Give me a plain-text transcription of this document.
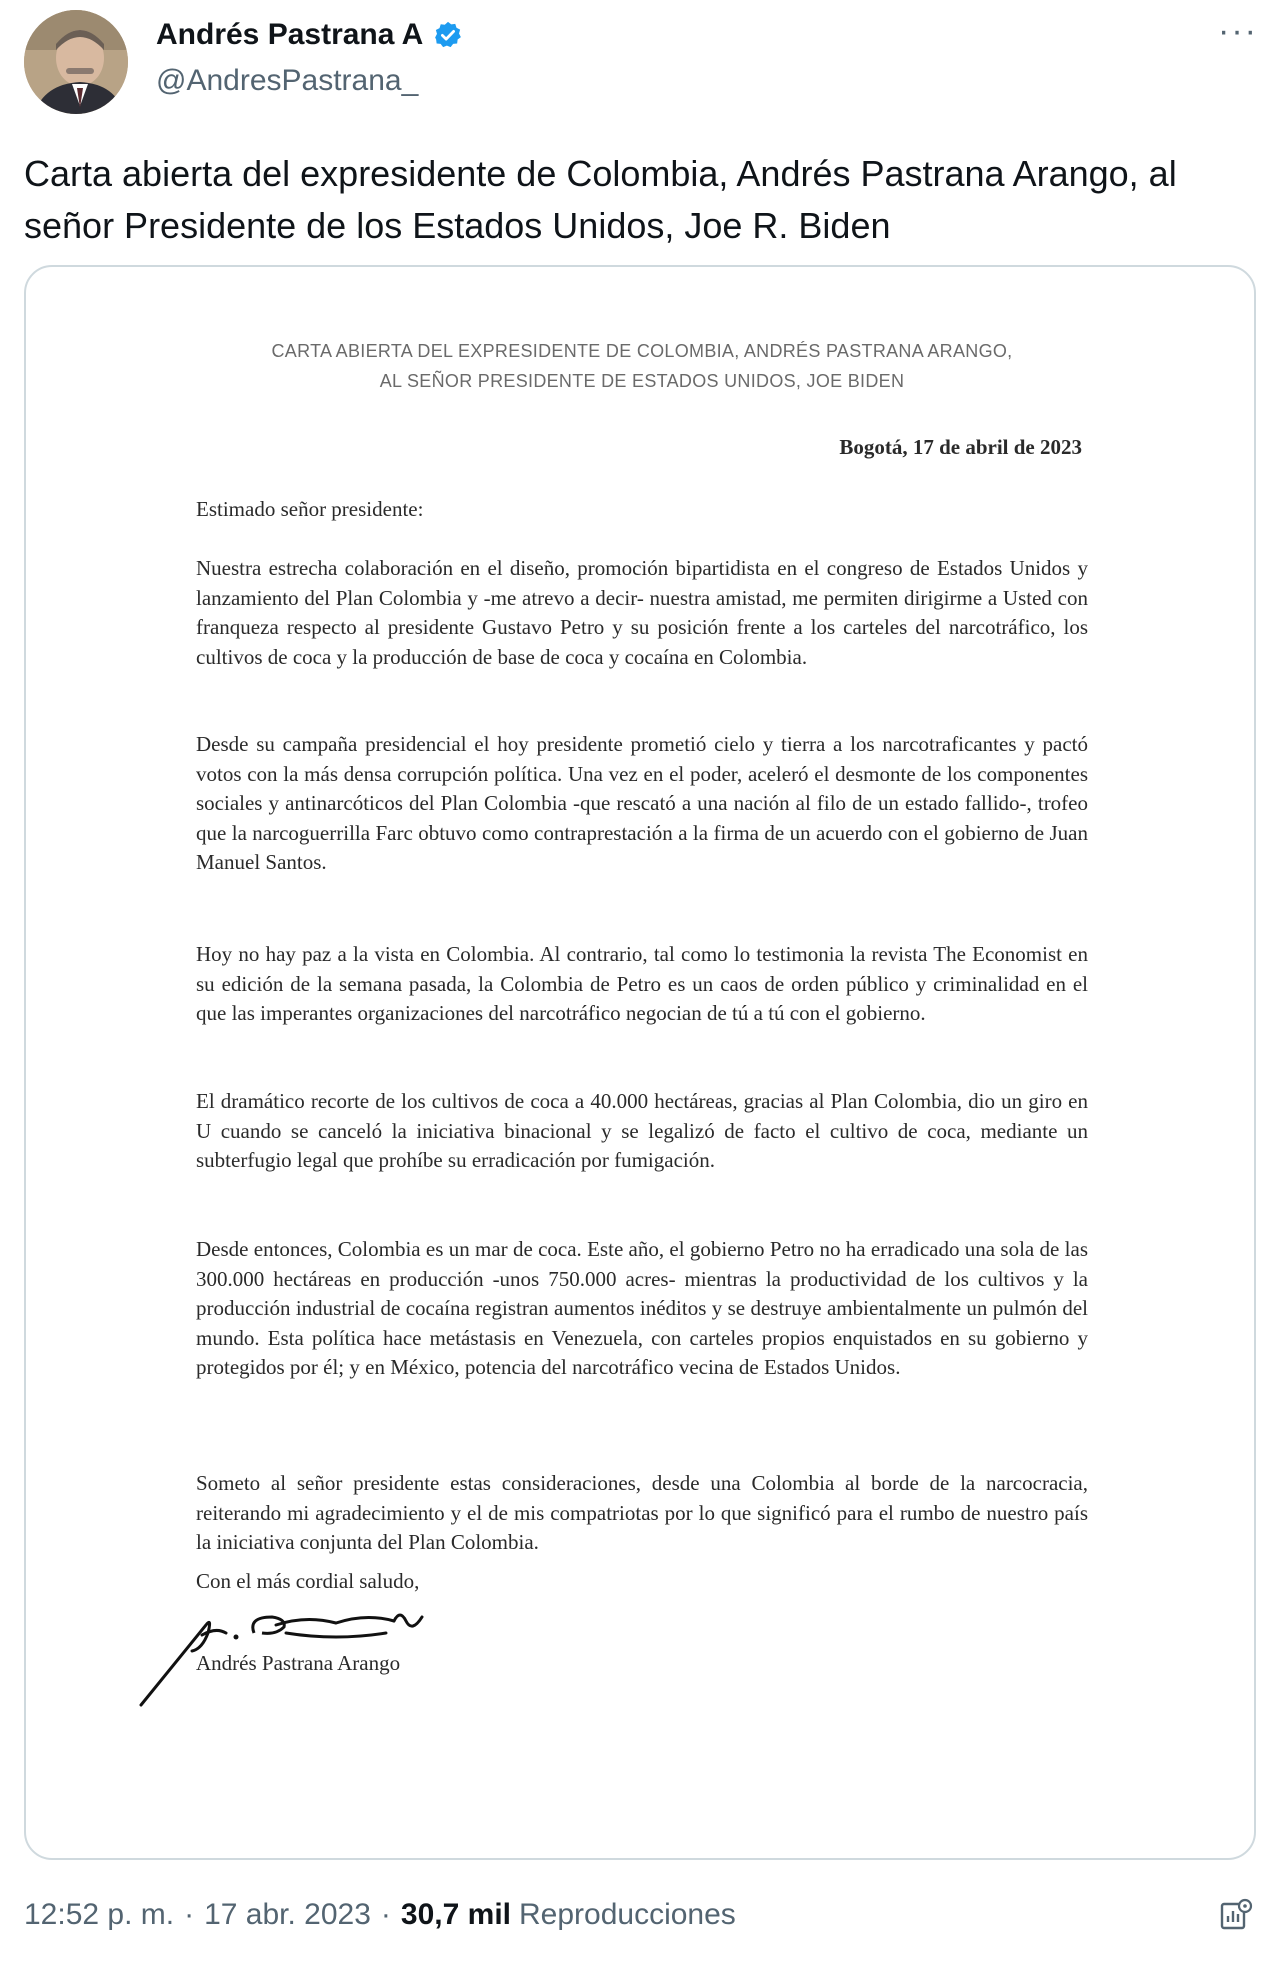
Andrés Pastrana A
@AndresPastrana_
···
Carta abierta del expresidente de Colombia, Andrés Pastrana Arango, al señor Presidente de los Estados Unidos, Joe R. Biden
CARTA ABIERTA DEL EXPRESIDENTE DE COLOMBIA, ANDRÉS PASTRANA ARANGO,
AL SEÑOR PRESIDENTE DE ESTADOS UNIDOS, JOE BIDEN
Bogotá, 17 de abril de 2023
Estimado señor presidente:
Nuestra estrecha colaboración en el diseño, promoción bipartidista en el congreso de Estados Unidos y lanzamiento del Plan Colombia y -me atrevo a decir- nuestra amistad, me permiten dirigirme a Usted con franqueza respecto al presidente Gustavo Petro y su posición frente a los carteles del narcotráfico, los cultivos de coca y la producción de base de coca y cocaína en Colombia.
Desde su campaña presidencial el hoy presidente prometió cielo y tierra a los narcotraficantes y pactó votos con la más densa corrupción política. Una vez en el poder, aceleró el desmonte de los componentes sociales y antinarcóticos del Plan Colombia -que rescató a una nación al filo de un estado fallido-, trofeo que la narcoguerrilla Farc obtuvo como contraprestación a la firma de un acuerdo con el gobierno de Juan Manuel Santos.
Hoy no hay paz a la vista en Colombia. Al contrario, tal como lo testimonia la revista The Economist en su edición de la semana pasada, la Colombia de Petro es un caos de orden público y criminalidad en el que las imperantes organizaciones del narcotráfico negocian de tú a tú con el gobierno.
El dramático recorte de los cultivos de coca a 40.000 hectáreas, gracias al Plan Colombia, dio un giro en U cuando se canceló la iniciativa binacional y se legalizó de facto el cultivo de coca, mediante un subterfugio legal que prohíbe su erradicación por fumigación.
Desde entonces, Colombia es un mar de coca. Este año, el gobierno Petro no ha erradicado una sola de las 300.000 hectáreas en producción -unos 750.000 acres- mientras la productividad de los cultivos y la producción industrial de cocaína registran aumentos inéditos y se destruye ambientalmente un pulmón del mundo. Esta política hace metástasis en Venezuela, con carteles propios enquistados en su gobierno y protegidos por él; y en México, potencia del narcotráfico vecina de Estados Unidos.
Someto al señor presidente estas consideraciones, desde una Colombia al borde de la narcocracia, reiterando mi agradecimiento y el de mis compatriotas por lo que significó para el rumbo de nuestro país la iniciativa conjunta del Plan Colombia.
Con el más cordial saludo,
Andrés Pastrana Arango
12:52 p. m. · 17 abr. 2023 · 30,7 mil Reproducciones
